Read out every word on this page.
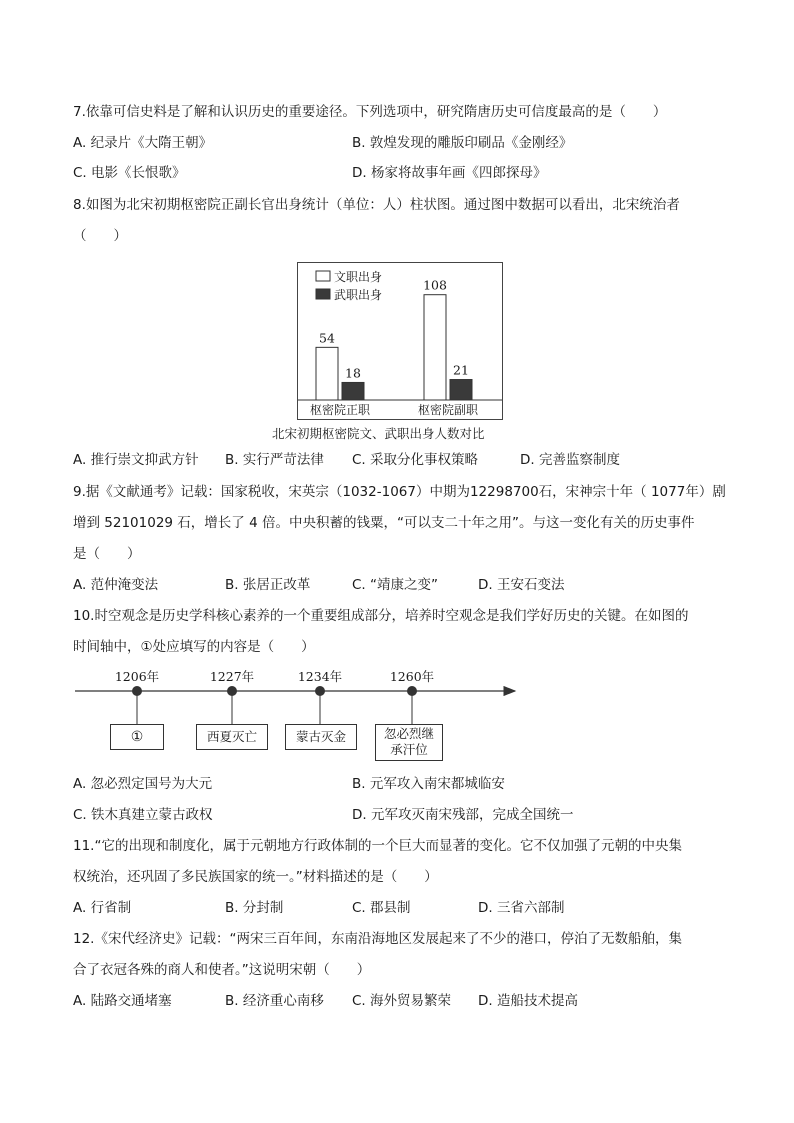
7.依靠可信史料是了解和认识历史的重要途径。下列选项中，研究隋唐历史可信度最高的是（　　）
A. 纪录片《大隋王朝》	B. 敦煌发现的雕版印刷品《金刚经》
C. 电影《长恨歌》	D. 杨家将故事年画《四郎探母》
8.如图为北宋初期枢密院正副长官出身统计（单位：人）柱状图。通过图中数据可以看出，北宋统治者
（　　）
文职出身
武职出身
54
18
枢密院正职
108
21
枢密院副职
北宋初期枢密院文、武职出身人数对比
A. 推行崇文抑武方针 B. 实行严苛法律 C. 采取分化事权策略	D. 完善监察制度
9.据《文献通考》记载：国家税收，宋英宗（1032-1067）中期为12298700石，宋神宗十年（ 1077年）剧
增到 52101029 石，增长了 4 倍。中央积蓄的钱粟，“可以支二十年之用”。与这一变化有关的历史事件
是（　　）
A. 范仲淹变法	B. 张居正改革	C. “靖康之变”	D. 王安石变法
10.时空观念是历史学科核心素养的一个重要组成部分，培养时空观念是我们学好历史的关键。在如图的
时间轴中，①处应填写的内容是（　　）
1206年	1227年	1234年	1260年
①	西夏灭亡	蒙古灭金	忽必烈继
承汗位
A. 忽必烈定国号为大元	B. 元军攻入南宋都城临安
C. 铁木真建立蒙古政权	D. 元军攻灭南宋残部，完成全国统一
11.“它的出现和制度化，属于元朝地方行政体制的一个巨大而显著的变化。它不仅加强了元朝的中央集
权统治，还巩固了多民族国家的统一。”材料描述的是（　　）
A. 行省制	B. 分封制	C. 郡县制	D. 三省六部制
12.《宋代经济史》记载：“两宋三百年间，东南沿海地区发展起来了不少的港口，停泊了无数船舶，集
合了衣冠各殊的商人和使者。”这说明宋朝（　　）
A. 陆路交通堵塞	B. 经济重心南移 C. 海外贸易繁荣 D. 造船技术提高
